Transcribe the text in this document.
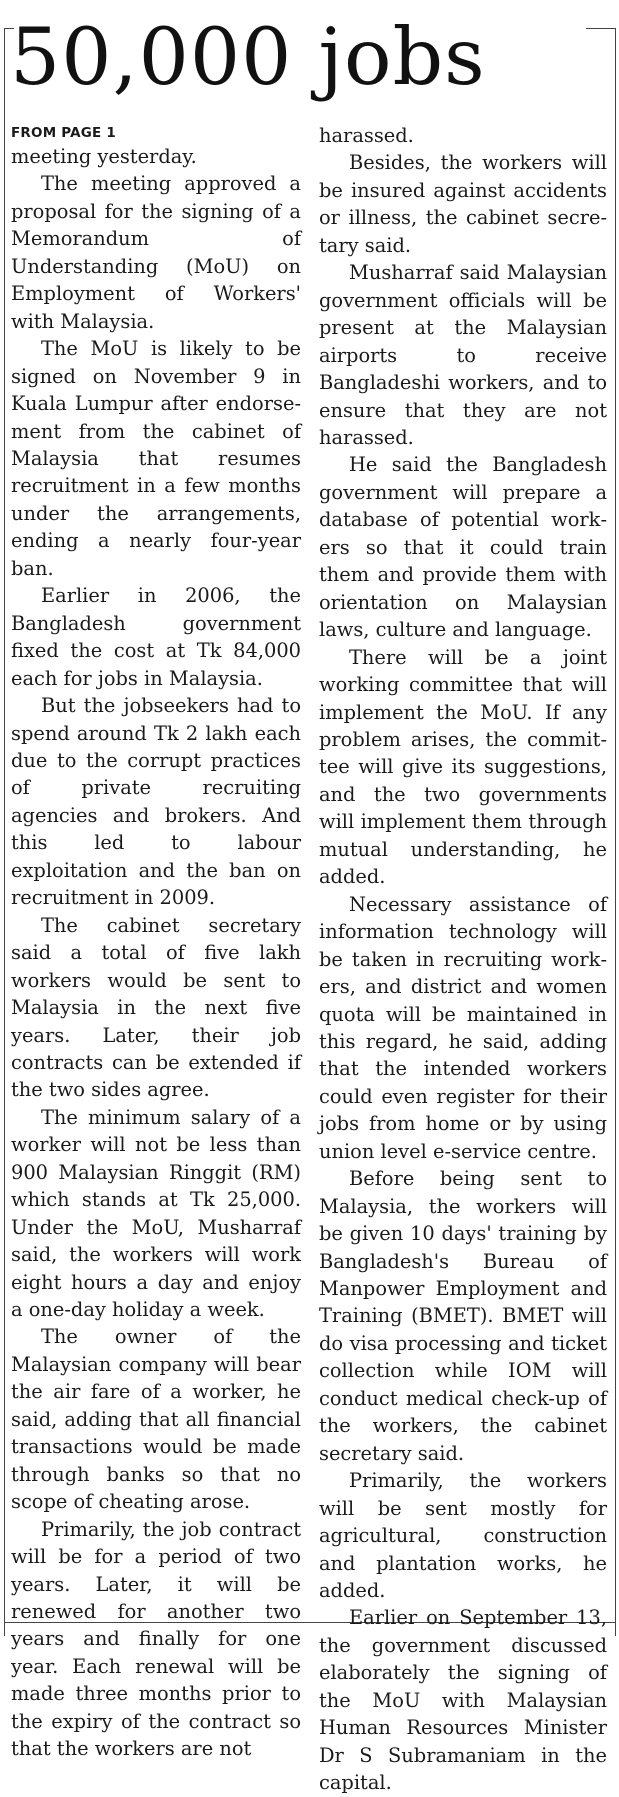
50,000 jobs
FROM PAGE 1

meeting yesterday.

The meeting approved a proposal for the signing of a Memorandum of Understanding (MoU) on Employment of Workers' with Malaysia.

The MoU is likely to be signed on November 9 in Kuala Lumpur after endorsement from the cabinet of Malaysia that resumes recruitment in a few months under the arrangements, ending a nearly four-year ban.

Earlier in 2006, the Bangladesh government fixed the cost at Tk 84,000 each for jobs in Malaysia.

But the jobseekers had to spend around Tk 2 lakh each due to the corrupt practices of private recruiting agencies and brokers. And this led to labour exploitation and the ban on recruitment in 2009.

The cabinet secretary said a total of five lakh workers would be sent to Malaysia in the next five years. Later, their job contracts can be extended if the two sides agree.

The minimum salary of a worker will not be less than 900 Malaysian Ringgit (RM) which stands at Tk 25,000. Under the MoU, Musharraf said, the workers will work eight hours a day and enjoy a one-day holiday a week.

The owner of the Malaysian company will bear the air fare of a worker, he said, adding that all financial transactions would be made through banks so that no scope of cheating arose.

Primarily, the job contract will be for a period of two years. Later, it will be renewed for another two years and finally for one year. Each renewal will be made three months prior to the expiry of the contract so that the workers are not

harassed.

Besides, the workers will be insured against accidents or illness, the cabinet secretary said.

Musharraf said Malaysian government officials will be present at the Malaysian airports to receive Bangladeshi workers, and to ensure that they are not harassed.

He said the Bangladesh government will prepare a database of potential workers so that it could train them and provide them with orientation on Malaysian laws, culture and language.

There will be a joint working committee that will implement the MoU. If any problem arises, the committee will give its suggestions, and the two governments will implement them through mutual understanding, he added.

Necessary assistance of information technology will be taken in recruiting workers, and district and women quota will be maintained in this regard, he said, adding that the intended workers could even register for their jobs from home or by using union level e-service centre.

Before being sent to Malaysia, the workers will be given 10 days' training by Bangladesh's Bureau of Manpower Employment and Training (BMET). BMET will do visa processing and ticket collection while IOM will conduct medical check-up of the workers, the cabinet secretary said.

Primarily, the workers will be sent mostly for agricultural, construction and plantation works, he added.

Earlier on September 13, the government discussed elaborately the signing of the MoU with Malaysian Human Resources Minister Dr S Subramaniam in the capital.
